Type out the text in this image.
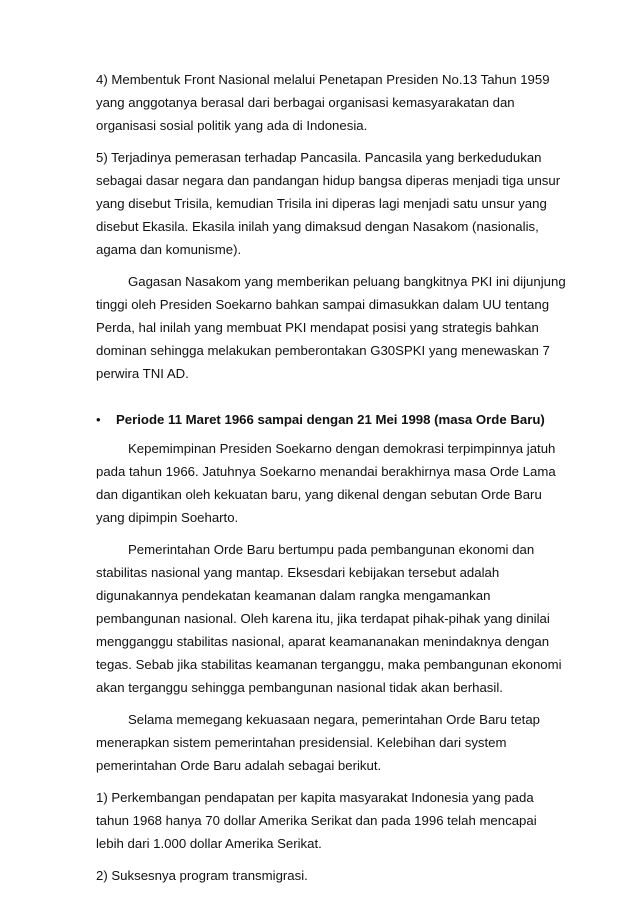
4) Membentuk Front Nasional melalui Penetapan Presiden No.13 Tahun 1959 yang anggotanya berasal dari berbagai organisasi kemasyarakatan dan organisasi sosial politik yang ada di Indonesia.

5) Terjadinya pemerasan terhadap Pancasila. Pancasila yang berkedudukan sebagai dasar negara dan pandangan hidup bangsa diperas menjadi tiga unsur yang disebut Trisila, kemudian Trisila ini diperas lagi menjadi satu unsur yang disebut Ekasila. Ekasila inilah yang dimaksud dengan Nasakom (nasionalis, agama dan komunisme).

Gagasan Nasakom yang memberikan peluang bangkitnya PKI ini dijunjung tinggi oleh Presiden Soekarno bahkan sampai dimasukkan dalam UU tentang Perda, hal inilah yang membuat PKI mendapat posisi yang strategis bahkan dominan sehingga melakukan pemberontakan G30SPKI yang menewaskan 7 perwira TNI AD.

• Periode 11 Maret 1966 sampai dengan 21 Mei 1998 (masa Orde Baru)

Kepemimpinan Presiden Soekarno dengan demokrasi terpimpinnya jatuh pada tahun 1966. Jatuhnya Soekarno menandai berakhirnya masa Orde Lama dan digantikan oleh kekuatan baru, yang dikenal dengan sebutan Orde Baru yang dipimpin Soeharto.

Pemerintahan Orde Baru bertumpu pada pembangunan ekonomi dan stabilitas nasional yang mantap. Eksesdari kebijakan tersebut adalah digunakannya pendekatan keamanan dalam rangka mengamankan pembangunan nasional. Oleh karena itu, jika terdapat pihak-pihak yang dinilai mengganggu stabilitas nasional, aparat keamananakan menindaknya dengan tegas. Sebab jika stabilitas keamanan terganggu, maka pembangunan ekonomi akan terganggu sehingga pembangunan nasional tidak akan berhasil.

Selama memegang kekuasaan negara, pemerintahan Orde Baru tetap menerapkan sistem pemerintahan presidensial. Kelebihan dari system pemerintahan Orde Baru adalah sebagai berikut.

1) Perkembangan pendapatan per kapita masyarakat Indonesia yang pada tahun 1968 hanya 70 dollar Amerika Serikat dan pada 1996 telah mencapai lebih dari 1.000 dollar Amerika Serikat.

2) Suksesnya program transmigrasi.
